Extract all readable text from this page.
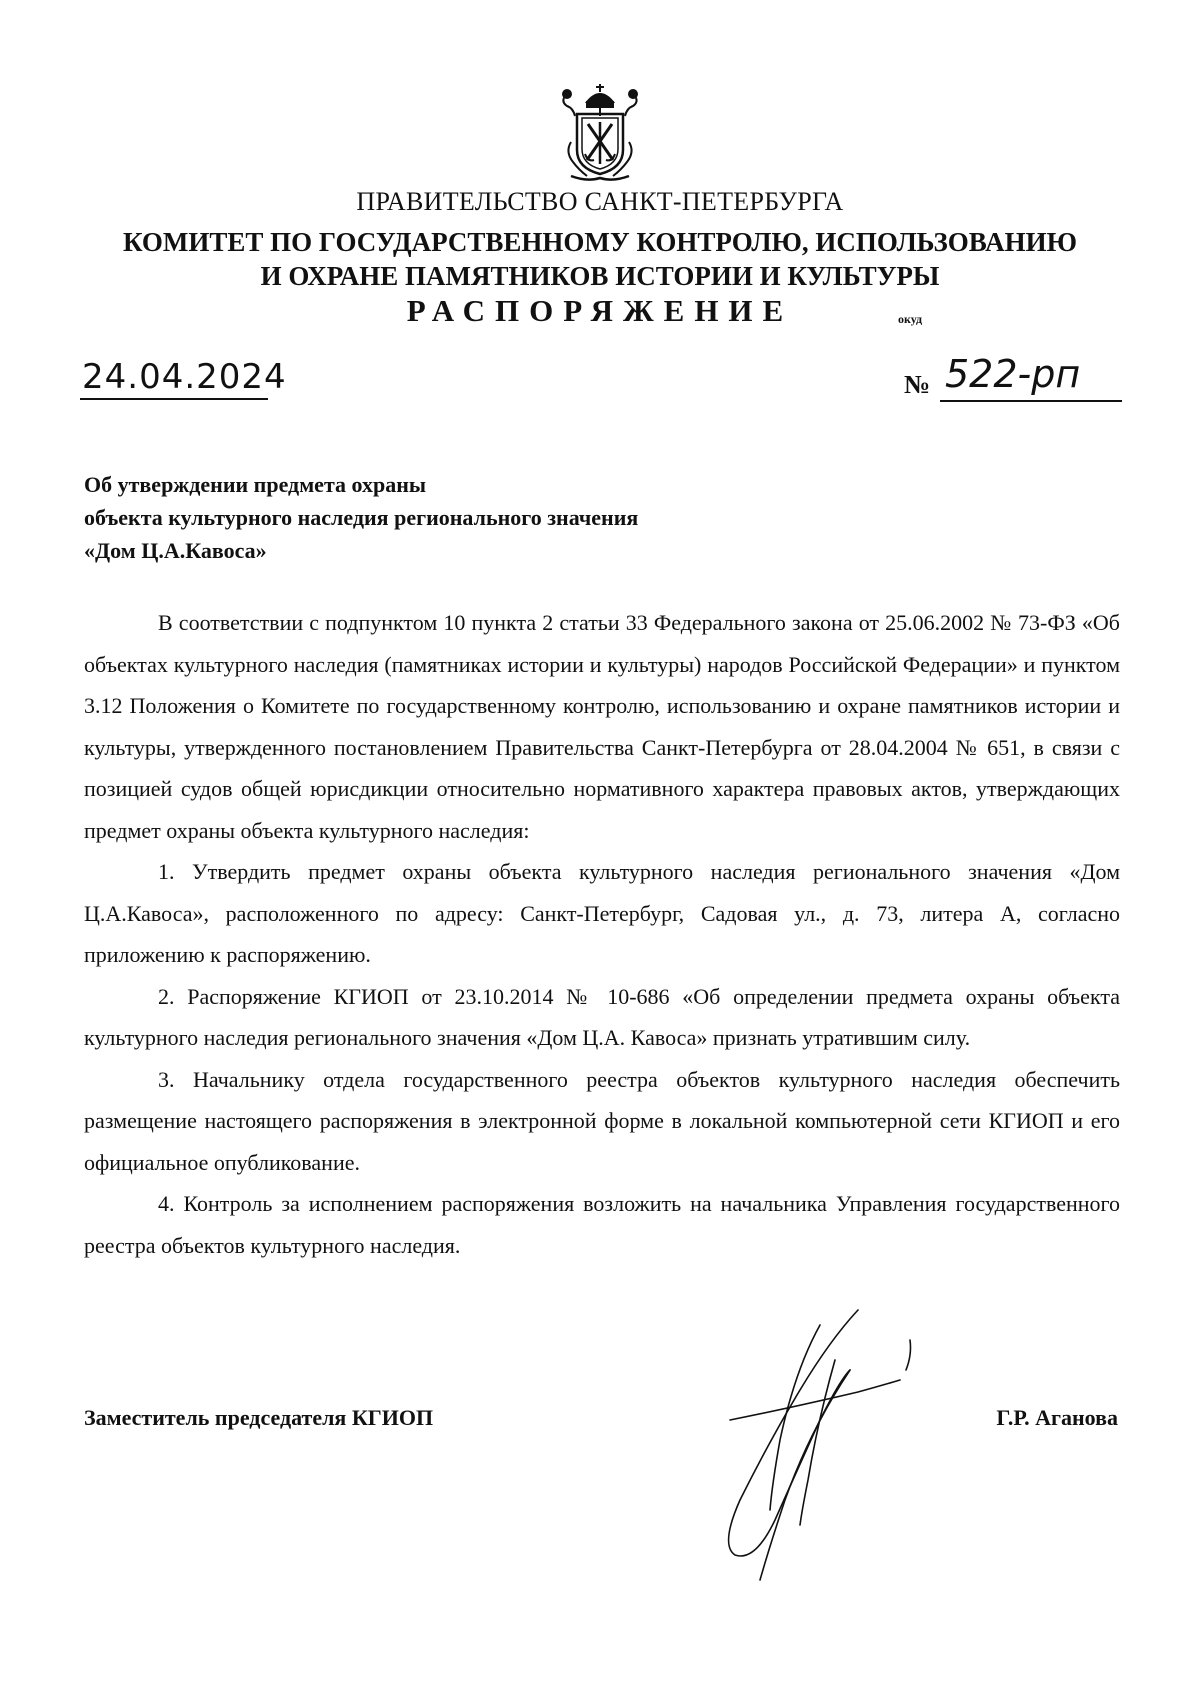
ПРАВИТЕЛЬСТВО САНКТ-ПЕТЕРБУРГА
КОМИТЕТ ПО ГОСУДАРСТВЕННОМУ КОНТРОЛЮ, ИСПОЛЬЗОВАНИЮ
И ОХРАНЕ ПАМЯТНИКОВ ИСТОРИИ И КУЛЬТУРЫ
РАСПОРЯЖЕНИЕ	окуд
24.04.2024	№ 522-рп
Об утверждении предмета охраны
объекта культурного наследия регионального значения
«Дом Ц.А.Кавоса»

В соответствии с подпунктом 10 пункта 2 статьи 33 Федерального закона от 25.06.2002 № 73-ФЗ «Об объектах культурного наследия (памятниках истории и культуры) народов Российской Федерации» и пунктом 3.12 Положения о Комитете по государственному контролю, использованию и охране памятников истории и культуры, утвержденного постановлением Правительства Санкт-Петербурга от 28.04.2004 № 651, в связи с позицией судов общей юрисдикции относительно нормативного характера правовых актов, утверждающих предмет охраны объекта культурного наследия:

1. Утвердить предмет охраны объекта культурного наследия регионального значения «Дом Ц.А.Кавоса», расположенного по адресу: Санкт-Петербург, Садовая ул., д. 73, литера А, согласно приложению к распоряжению.

2. Распоряжение КГИОП от 23.10.2014 № 10-686 «Об определении предмета охраны объекта культурного наследия регионального значения «Дом Ц.А. Кавоса» признать утратившим силу.

3. Начальнику отдела государственного реестра объектов культурного наследия обеспечить размещение настоящего распоряжения в электронной форме в локальной компьютерной сети КГИОП и его официальное опубликование.

4. Контроль за исполнением распоряжения возложить на начальника Управления государственного реестра объектов культурного наследия.

Заместитель председателя КГИОП	Г.Р. Аганова
